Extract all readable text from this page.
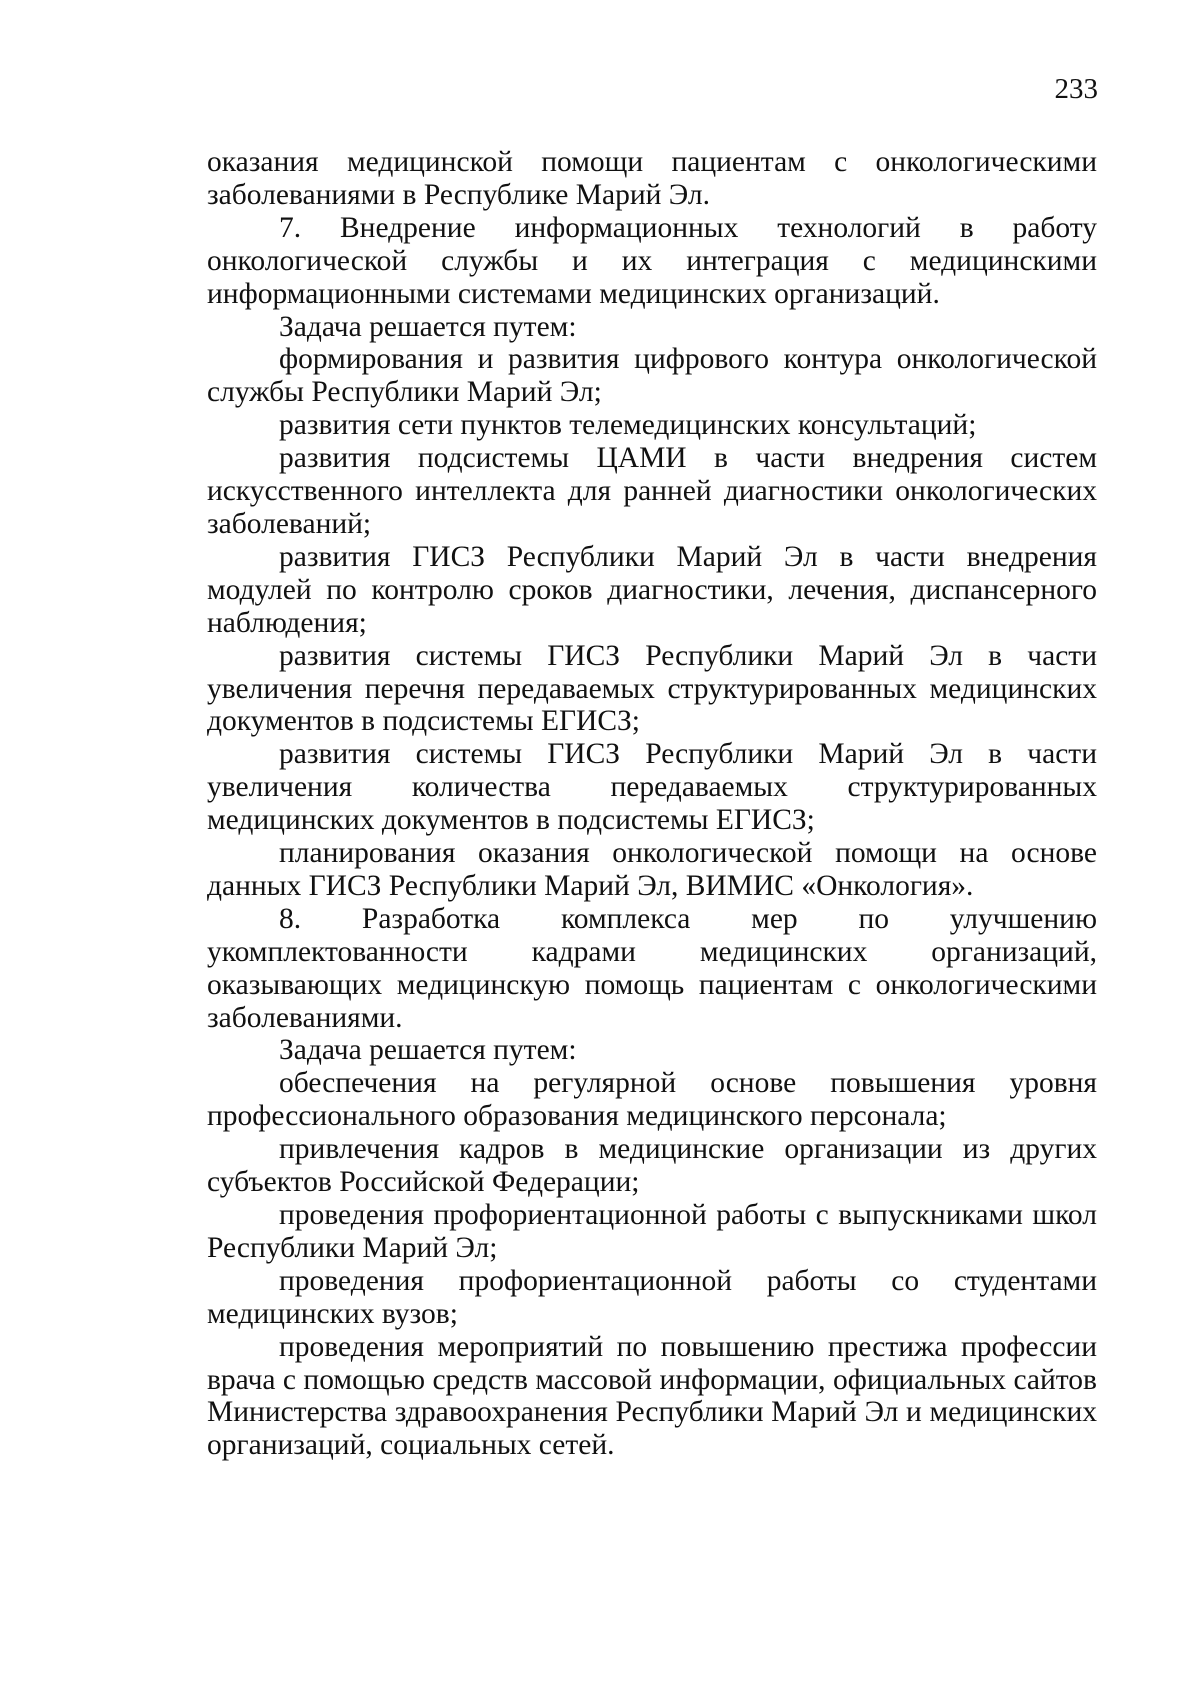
233

оказания медицинской помощи пациентам с онкологическими заболеваниями в Республике Марий Эл.

7. Внедрение информационных технологий в работу онкологической службы и их интеграция с медицинскими информационными системами медицинских организаций.

Задача решается путем:

формирования и развития цифрового контура онкологической службы Республики Марий Эл;

развития сети пунктов телемедицинских консультаций;

развития подсистемы ЦАМИ в части внедрения систем искусственного интеллекта для ранней диагностики онкологических заболеваний;

развития ГИСЗ Республики Марий Эл в части внедрения модулей по контролю сроков диагностики, лечения, диспансерного наблюдения;

развития системы ГИСЗ Республики Марий Эл в части увеличения перечня передаваемых структурированных медицинских документов в подсистемы ЕГИСЗ;

развития системы ГИСЗ Республики Марий Эл в части увеличения количества передаваемых структурированных медицинских документов в подсистемы ЕГИСЗ;

планирования оказания онкологической помощи на основе данных ГИСЗ Республики Марий Эл, ВИМИС «Онкология».

8. Разработка комплекса мер по улучшению укомплектованности кадрами медицинских организаций, оказывающих медицинскую помощь пациентам с онкологическими заболеваниями.

Задача решается путем:

обеспечения на регулярной основе повышения уровня профессионального образования медицинского персонала;

привлечения кадров в медицинские организации из других субъектов Российской Федерации;

проведения профориентационной работы с выпускниками школ Республики Марий Эл;

проведения профориентационной работы со студентами медицинских вузов;

проведения мероприятий по повышению престижа профессии врача с помощью средств массовой информации, официальных сайтов Министерства здравоохранения Республики Марий Эл и медицинских организаций, социальных сетей.
